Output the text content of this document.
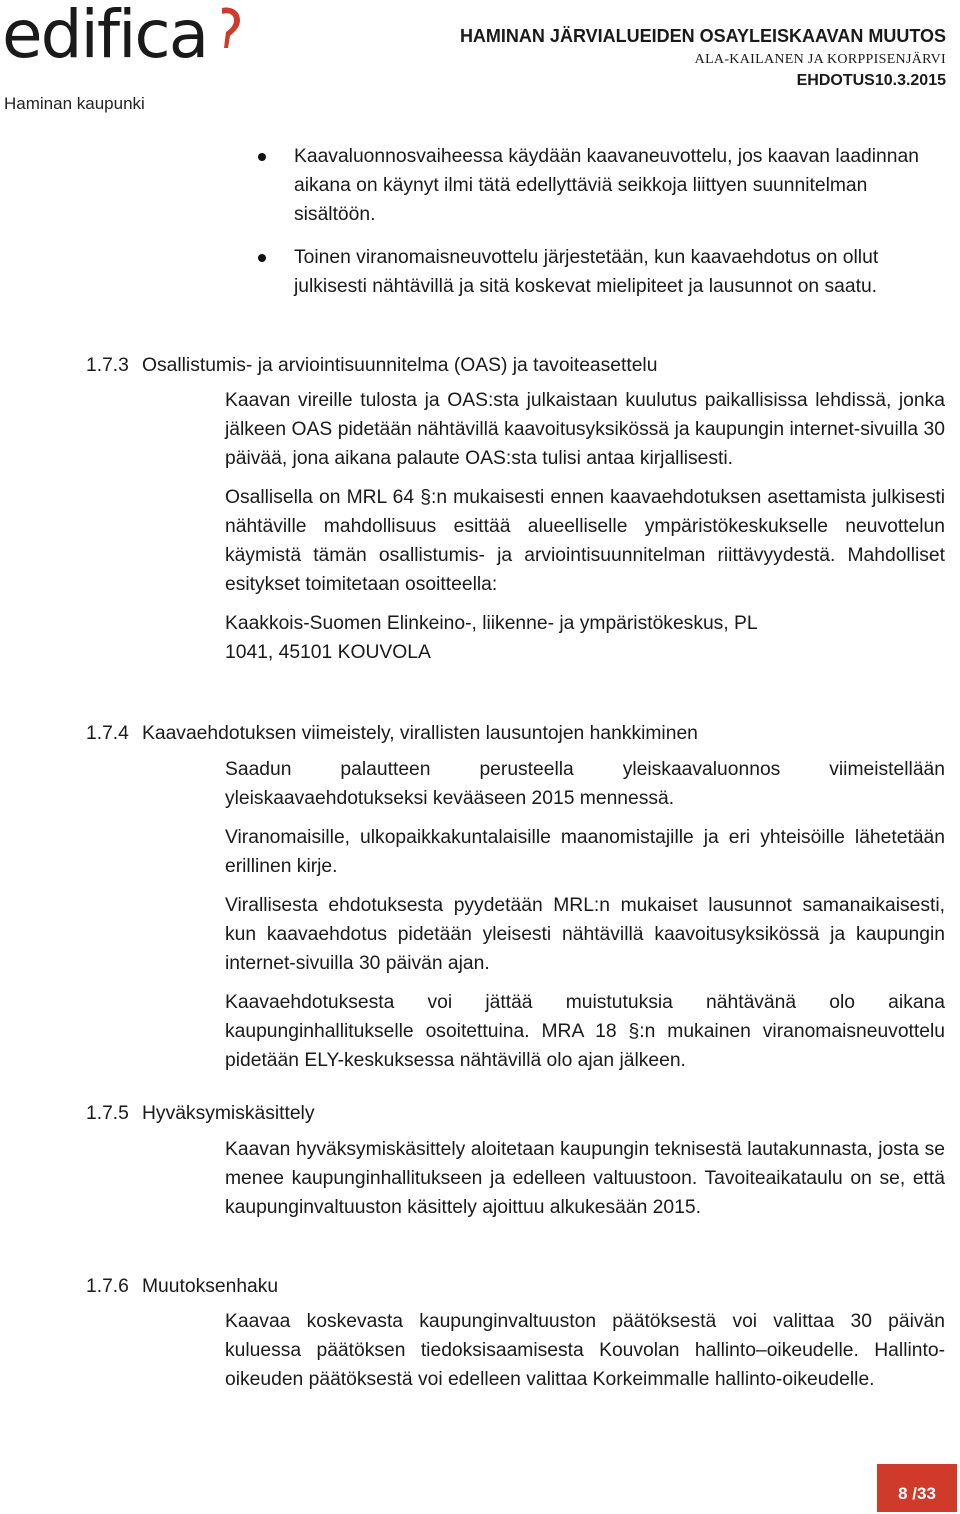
edifica
Haminan kaupunki
HAMINAN JÄRVIALUEIDEN OSAYLEISKAAVAN MUUTOS
ALA-KAILANEN JA KORPPISENJÄRVI
EHDOTUS10.3.2015
Kaavaluonnosvaiheessa käydään kaavaneuvottelu, jos kaavan laadinnan aikana on käynyt ilmi tätä edellyttäviä seikkoja liittyen suunnitelman sisältöön.
Toinen viranomaisneuvottelu järjestetään, kun kaavaehdotus on ollut julkisesti nähtävillä ja sitä koskevat mielipiteet ja lausunnot on saatu.
1.7.3 Osallistumis- ja arviointisuunnitelma (OAS) ja tavoiteasettelu

Kaavan vireille tulosta ja OAS:sta julkaistaan kuulutus paikallisissa lehdissä, jonka jälkeen OAS pidetään nähtävillä kaavoitusyksikössä ja kaupungin internet-sivuilla 30 päivää, jona aikana palaute OAS:sta tulisi antaa kirjallisesti.

Osallisella on MRL 64 §:n mukaisesti ennen kaavaehdotuksen asettamista julkisesti nähtäville mahdollisuus esittää alueelliselle ympäristökeskukselle neuvottelun käymistä tämän osallistumis- ja arviointisuunnitelman riittävyydestä. Mahdolliset esitykset toimitetaan osoitteella:

Kaakkois-Suomen Elinkeino-, liikenne- ja ympäristökeskus, PL 1041, 45101 KOUVOLA

1.7.4 Kaavaehdotuksen viimeistely, virallisten lausuntojen hankkiminen

Saadun palautteen perusteella yleiskaavaluonnos viimeistellään yleiskaavaehdotukseksi kevääseen 2015 mennessä.

Viranomaisille, ulkopaikkakuntalaisille maanomistajille ja eri yhteisöille lähetetään erillinen kirje.

Virallisesta ehdotuksesta pyydetään MRL:n mukaiset lausunnot samanaikaisesti, kun kaavaehdotus pidetään yleisesti nähtävillä kaavoitusyksikössä ja kaupungin internet-sivuilla 30 päivän ajan.

Kaavaehdotuksesta voi jättää muistutuksia nähtävänä olo aikana kaupunginhallitukselle osoitettuina. MRA 18 §:n mukainen viranomaisneuvottelu pidetään ELY-keskuksessa nähtävillä olo ajan jälkeen.

1.7.5 Hyväksymiskäsittely

Kaavan hyväksymiskäsittely aloitetaan kaupungin teknisestä lautakunnasta, josta se menee kaupunginhallitukseen ja edelleen valtuustoon. Tavoiteaikataulu on se, että kaupunginvaltuuston käsittely ajoittuu alkukesään 2015.

1.7.6 Muutoksenhaku

Kaavaa koskevasta kaupunginvaltuuston päätöksestä voi valittaa 30 päivän kuluessa päätöksen tiedoksisaamisesta Kouvolan hallinto–oikeudelle. Hallinto-oikeuden päätöksestä voi edelleen valittaa Korkeimmalle hallinto-oikeudelle.

8 /33
